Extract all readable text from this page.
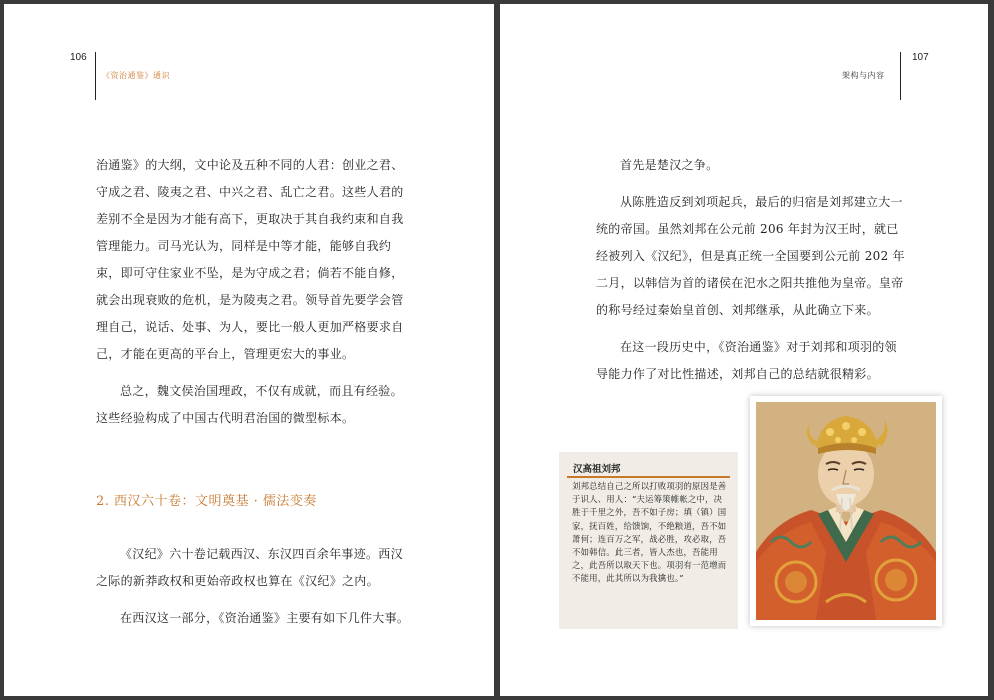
106
《资治通鉴》通识

治通鉴》的大纲，文中论及五种不同的人君：创业之君、守成之君、陵夷之君、中兴之君、乱亡之君。这些人君的差别不全是因为才能有高下，更取决于其自我约束和自我管理能力。司马光认为，同样是中等才能，能够自我约束，即可守住家业不坠，是为守成之君；倘若不能自修，就会出现衰败的危机，是为陵夷之君。领导首先要学会管理自己，说话、处事、为人，要比一般人更加严格要求自己，才能在更高的平台上，管理更宏大的事业。

总之，魏文侯治国理政，不仅有成就，而且有经验。这些经验构成了中国古代明君治国的微型标本。

2. 西汉六十卷：文明奠基 · 儒法变奏

《汉纪》六十卷记载西汉、东汉四百余年事迹。西汉之际的新莽政权和更始帝政权也算在《汉纪》之内。

在西汉这一部分，《资治通鉴》主要有如下几件大事。

107
架构与内容

首先是楚汉之争。

从陈胜造反到刘项起兵，最后的归宿是刘邦建立大一统的帝国。虽然刘邦在公元前 206 年封为汉王时，就已经被列入《汉纪》，但是真正统一全国要到公元前 202 年二月，以韩信为首的诸侯在汜水之阳共推他为皇帝。皇帝的称号经过秦始皇首创、刘邦继承，从此确立下来。

在这一段历史中，《资治通鉴》对于刘邦和项羽的领导能力作了对比性描述，刘邦自己的总结就很精彩。

汉高祖刘邦
刘邦总结自己之所以打败项羽的原因是善于识人、用人：“夫运筹策帷帐之中，决胜于千里之外，吾不如子房；填（镇）国家，抚百姓，给馈饷，不绝粮道，吾不如萧何；连百万之军，战必胜，攻必取，吾不如韩信。此三者，皆人杰也，吾能用之，此吾所以取天下也。项羽有一范增而不能用，此其所以为我擒也。”
